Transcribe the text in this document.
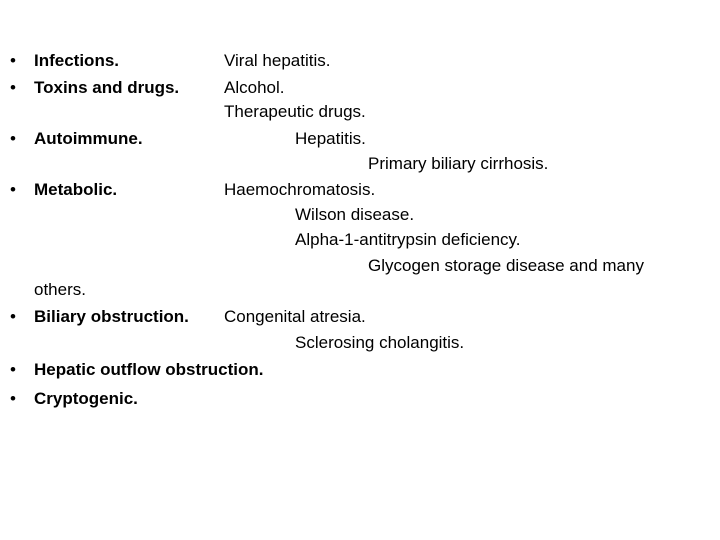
• Infections.	Viral hepatitis.
• Toxins and drugs.	Alcohol.
Therapeutic drugs.
• Autoimmune.	Hepatitis.
Primary biliary cirrhosis.
• Metabolic.	Haemochromatosis.
Wilson disease.
Alpha-1-antitrypsin deficiency.
Glycogen storage disease and many
others.
• Biliary obstruction. Congenital atresia.
Sclerosing cholangitis.
• Hepatic outflow obstruction.
• Cryptogenic.
